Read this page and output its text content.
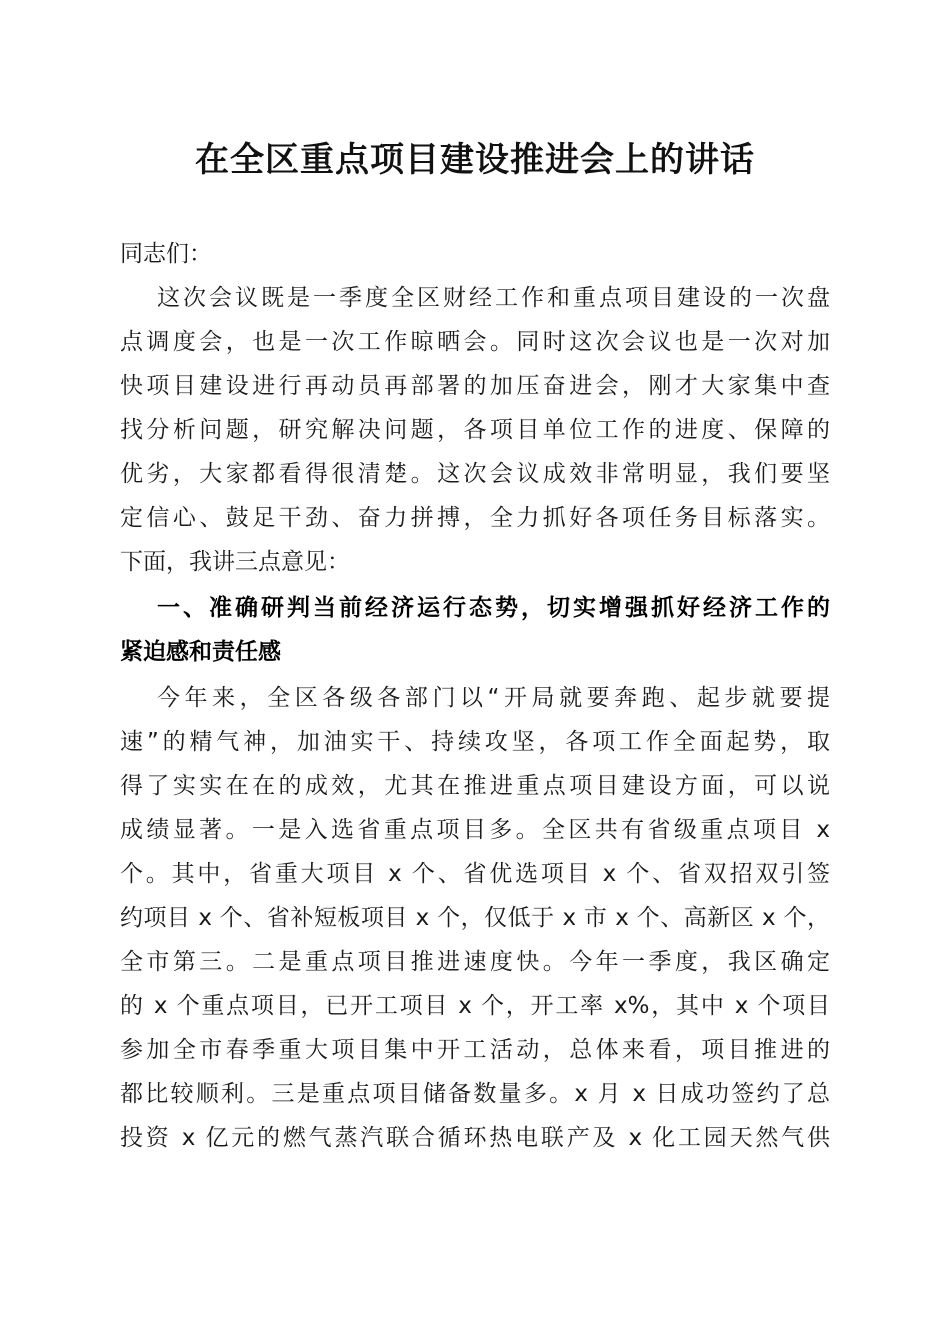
在全区重点项目建设推进会上的讲话
同志们：
这次会议既是一季度全区财经工作和重点项目建设的一次盘
点调度会，也是一次工作晾晒会。同时这次会议也是一次对加
快项目建设进行再动员再部署的加压奋进会，刚才大家集中查
找分析问题，研究解决问题，各项目单位工作的进度、保障的
优劣，大家都看得很清楚。这次会议成效非常明显，我们要坚
定信心、鼓足干劲、奋力拼搏，全力抓好各项任务目标落实。
下面，我讲三点意见：
一、准确研判当前经济运行态势，切实增强抓好经济工作的
紧迫感和责任感
今年来，全区各级各部门以“开局就要奔跑、起步就要提
速”的精气神，加油实干、持续攻坚，各项工作全面起势，取
得了实实在在的成效，尤其在推进重点项目建设方面，可以说
成绩显著。一是入选省重点项目多。全区共有省级重点项目 x
个。其中，省重大项目 x 个、省优选项目 x 个、省双招双引签
约项目 x 个、省补短板项目 x 个，仅低于 x 市 x 个、高新区 x 个，
全市第三。二是重点项目推进速度快。今年一季度，我区确定
的 x 个重点项目，已开工项目 x 个，开工率 x%，其中 x 个项目
参加全市春季重大项目集中开工活动，总体来看，项目推进的
都比较顺利。三是重点项目储备数量多。x 月 x 日成功签约了总
投资 x 亿元的燃气蒸汽联合循环热电联产及 x 化工园天然气供
